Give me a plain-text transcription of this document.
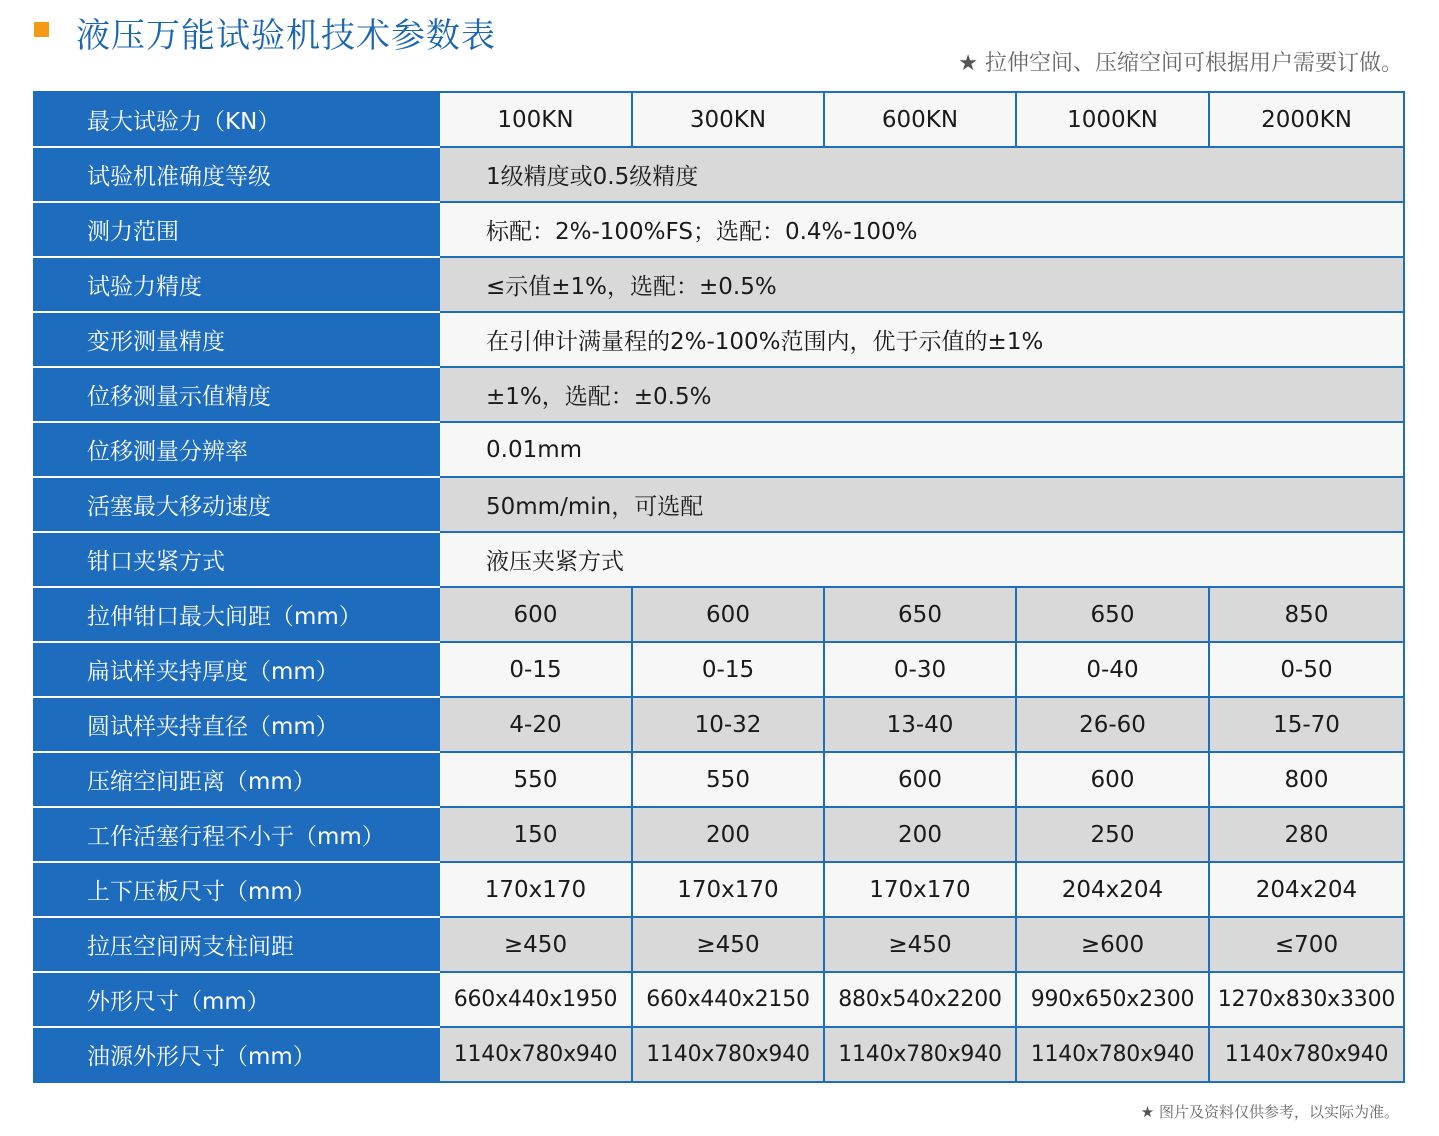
液压万能试验机技术参数表
★ 拉伸空间、压缩空间可根据用户需要订做。
最大试验力（KN）	100KN	300KN	600KN	1000KN	2000KN
试验机准确度等级	1级精度或0.5级精度				
测力范围	标配：2%-100%FS；选配：0.4%-100%				
试验力精度	≤示值±1%，选配：±0.5%				
变形测量精度	在引伸计满量程的2%-100%范围内，优于示值的±1%				
位移测量示值精度	±1%，选配：±0.5%				
位移测量分辨率	0.01mm				
活塞最大移动速度	50mm/min，可选配				
钳口夹紧方式	液压夹紧方式				
拉伸钳口最大间距（mm）	600	600	650	650	850
扁试样夹持厚度（mm）	0-15	0-15	0-30	0-40	0-50
圆试样夹持直径（mm）	4-20	10-32	13-40	26-60	15-70
压缩空间距离（mm）	550	550	600	600	800
工作活塞行程不小于（mm）	150	200	200	250	280
上下压板尺寸（mm）	170x170	170x170	170x170	204x204	204x204
拉压空间两支柱间距	≥450	≥450	≥450	≥600	≤700
外形尺寸（mm）	660x440x1950	660x440x2150	880x540x2200	990x650x2300	1270x830x3300
油源外形尺寸（mm）	1140x780x940	1140x780x940	1140x780x940	1140x780x940	1140x780x940
★ 图片及资料仅供参考，以实际为准。
